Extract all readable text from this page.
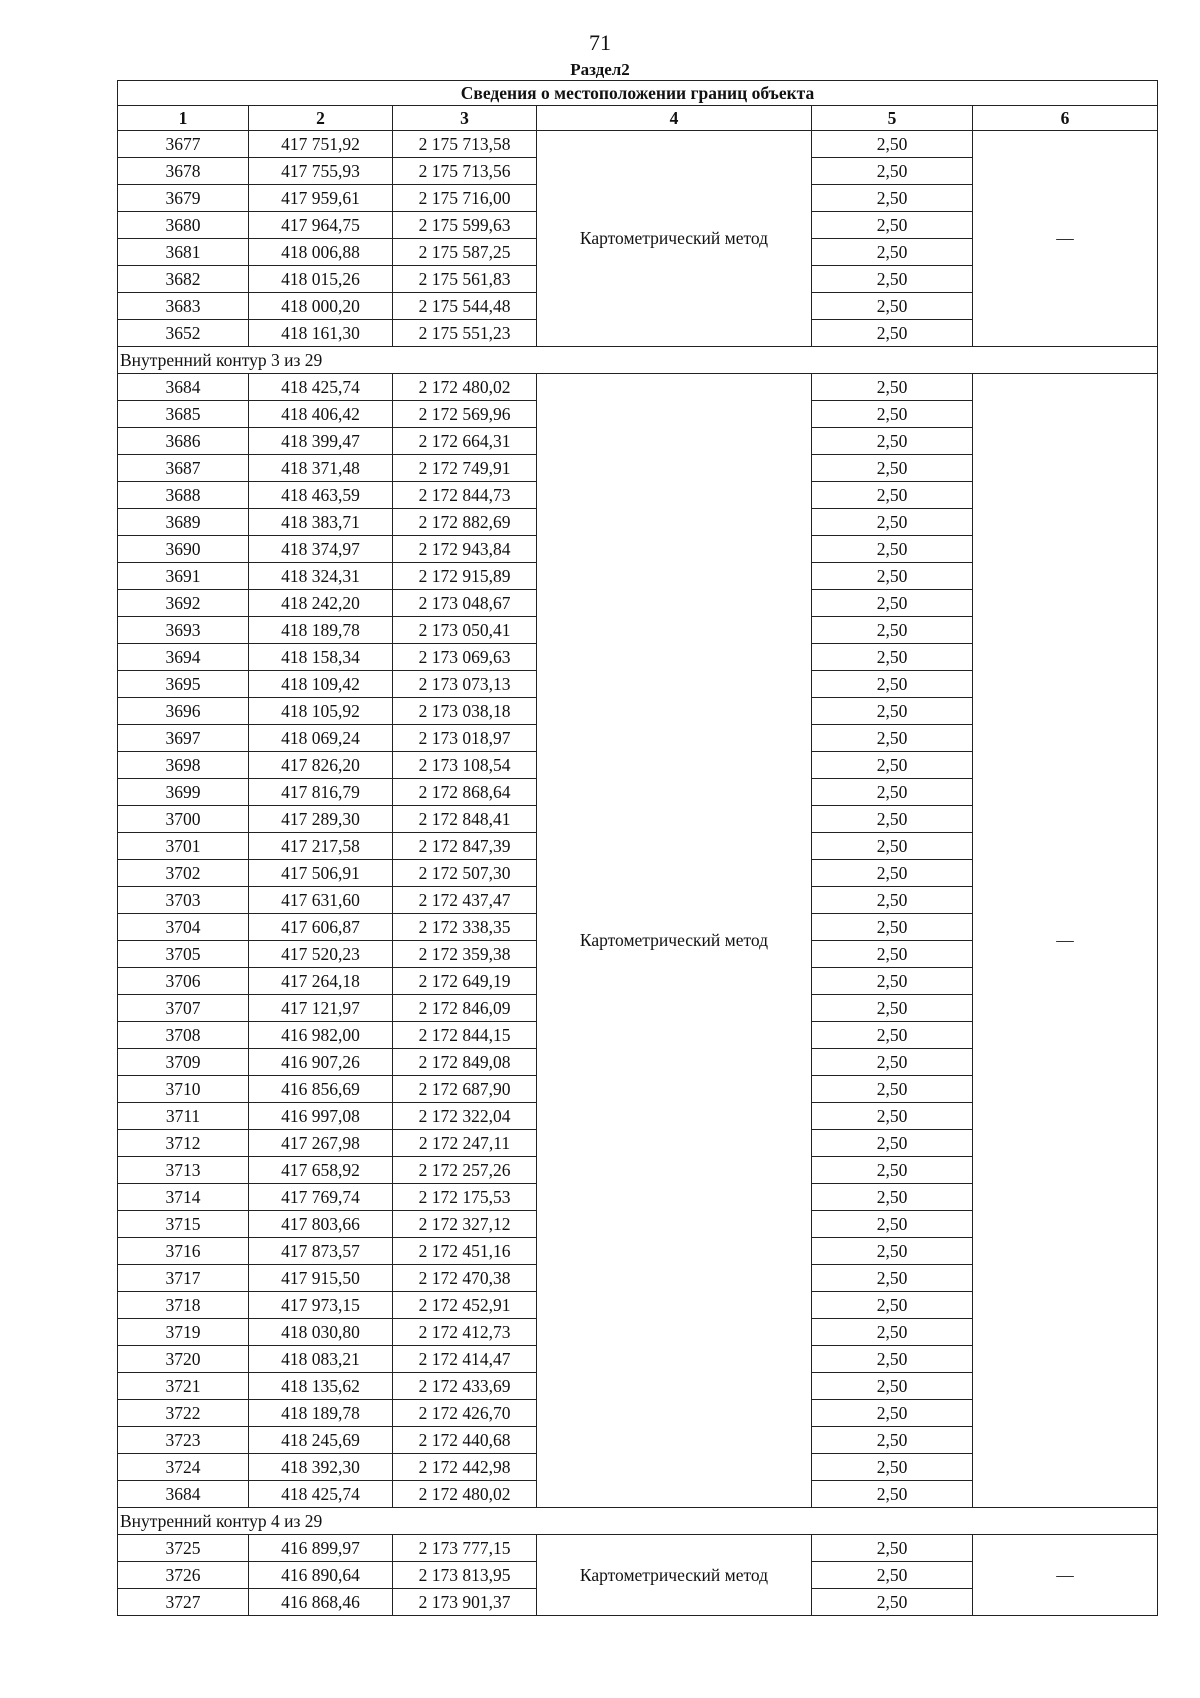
71
Раздел2
Сведения о местоположении границ объекта					
1	2	3	4	5	6
3677	417 751,92	2 175 713,58	Картометрический метод	2,50	—
3678	417 755,93	2 175 713,56		2,50	
3679	417 959,61	2 175 716,00		2,50	
3680	417 964,75	2 175 599,63		2,50	
3681	418 006,88	2 175 587,25		2,50	
3682	418 015,26	2 175 561,83		2,50	
3683	418 000,20	2 175 544,48		2,50	
3652	418 161,30	2 175 551,23		2,50	
Внутренний контур 3 из 29					
3684	418 425,74	2 172 480,02	Картометрический метод	2,50	—
3685	418 406,42	2 172 569,96		2,50	
3686	418 399,47	2 172 664,31		2,50	
3687	418 371,48	2 172 749,91		2,50	
3688	418 463,59	2 172 844,73		2,50	
3689	418 383,71	2 172 882,69		2,50	
3690	418 374,97	2 172 943,84		2,50	
3691	418 324,31	2 172 915,89		2,50	
3692	418 242,20	2 173 048,67		2,50	
3693	418 189,78	2 173 050,41		2,50	
3694	418 158,34	2 173 069,63		2,50	
3695	418 109,42	2 173 073,13		2,50	
3696	418 105,92	2 173 038,18		2,50	
3697	418 069,24	2 173 018,97		2,50	
3698	417 826,20	2 173 108,54		2,50	
3699	417 816,79	2 172 868,64		2,50	
3700	417 289,30	2 172 848,41		2,50	
3701	417 217,58	2 172 847,39		2,50	
3702	417 506,91	2 172 507,30		2,50	
3703	417 631,60	2 172 437,47		2,50	
3704	417 606,87	2 172 338,35		2,50	
3705	417 520,23	2 172 359,38		2,50	
3706	417 264,18	2 172 649,19		2,50	
3707	417 121,97	2 172 846,09		2,50	
3708	416 982,00	2 172 844,15		2,50	
3709	416 907,26	2 172 849,08		2,50	
3710	416 856,69	2 172 687,90		2,50	
3711	416 997,08	2 172 322,04		2,50	
3712	417 267,98	2 172 247,11		2,50	
3713	417 658,92	2 172 257,26		2,50	
3714	417 769,74	2 172 175,53		2,50	
3715	417 803,66	2 172 327,12		2,50	
3716	417 873,57	2 172 451,16		2,50	
3717	417 915,50	2 172 470,38		2,50	
3718	417 973,15	2 172 452,91		2,50	
3719	418 030,80	2 172 412,73		2,50	
3720	418 083,21	2 172 414,47		2,50	
3721	418 135,62	2 172 433,69		2,50	
3722	418 189,78	2 172 426,70		2,50	
3723	418 245,69	2 172 440,68		2,50	
3724	418 392,30	2 172 442,98		2,50	
3684	418 425,74	2 172 480,02		2,50	
Внутренний контур 4 из 29					
3725	416 899,97	2 173 777,15	Картометрический метод	2,50	—
3726	416 890,64	2 173 813,95		2,50	
3727	416 868,46	2 173 901,37		2,50	
